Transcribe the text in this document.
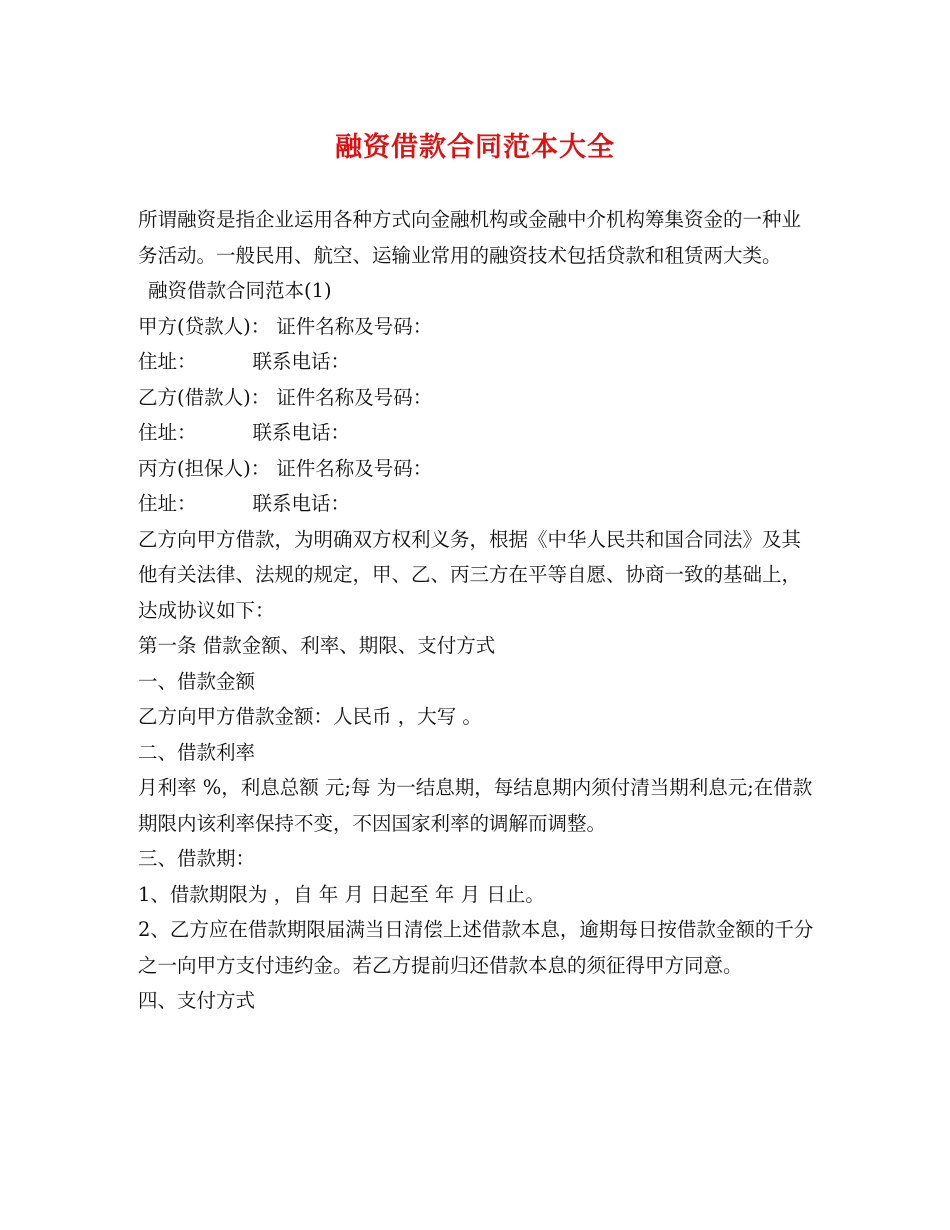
融资借款合同范本大全

所谓融资是指企业运用各种方式向金融机构或金融中介机构筹集资金的一种业务活动。一般民用、航空、运输业常用的融资技术包括贷款和租赁两大类。

融资借款合同范本(1)

甲方(贷款人)： 证件名称及号码：

住址：	联系电话：

乙方(借款人)： 证件名称及号码：

住址：	联系电话：

丙方(担保人)： 证件名称及号码：

住址：	联系电话：

乙方向甲方借款，为明确双方权利义务，根据《中华人民共和国合同法》及其他有关法律、法规的规定，甲、乙、丙三方在平等自愿、协商一致的基础上，达成协议如下：

第一条 借款金额、利率、期限、支付方式

一、借款金额

乙方向甲方借款金额：人民币 ，大写 。

二、借款利率

月利率 %，利息总额 元;每 为一结息期，每结息期内须付清当期利息元;在借款期限内该利率保持不变，不因国家利率的调解而调整。

三、借款期：

1、借款期限为 ，自 年 月 日起至 年 月 日止。

2、乙方应在借款期限届满当日清偿上述借款本息，逾期每日按借款金额的千分之一向甲方支付违约金。若乙方提前归还借款本息的须征得甲方同意。

四、支付方式
